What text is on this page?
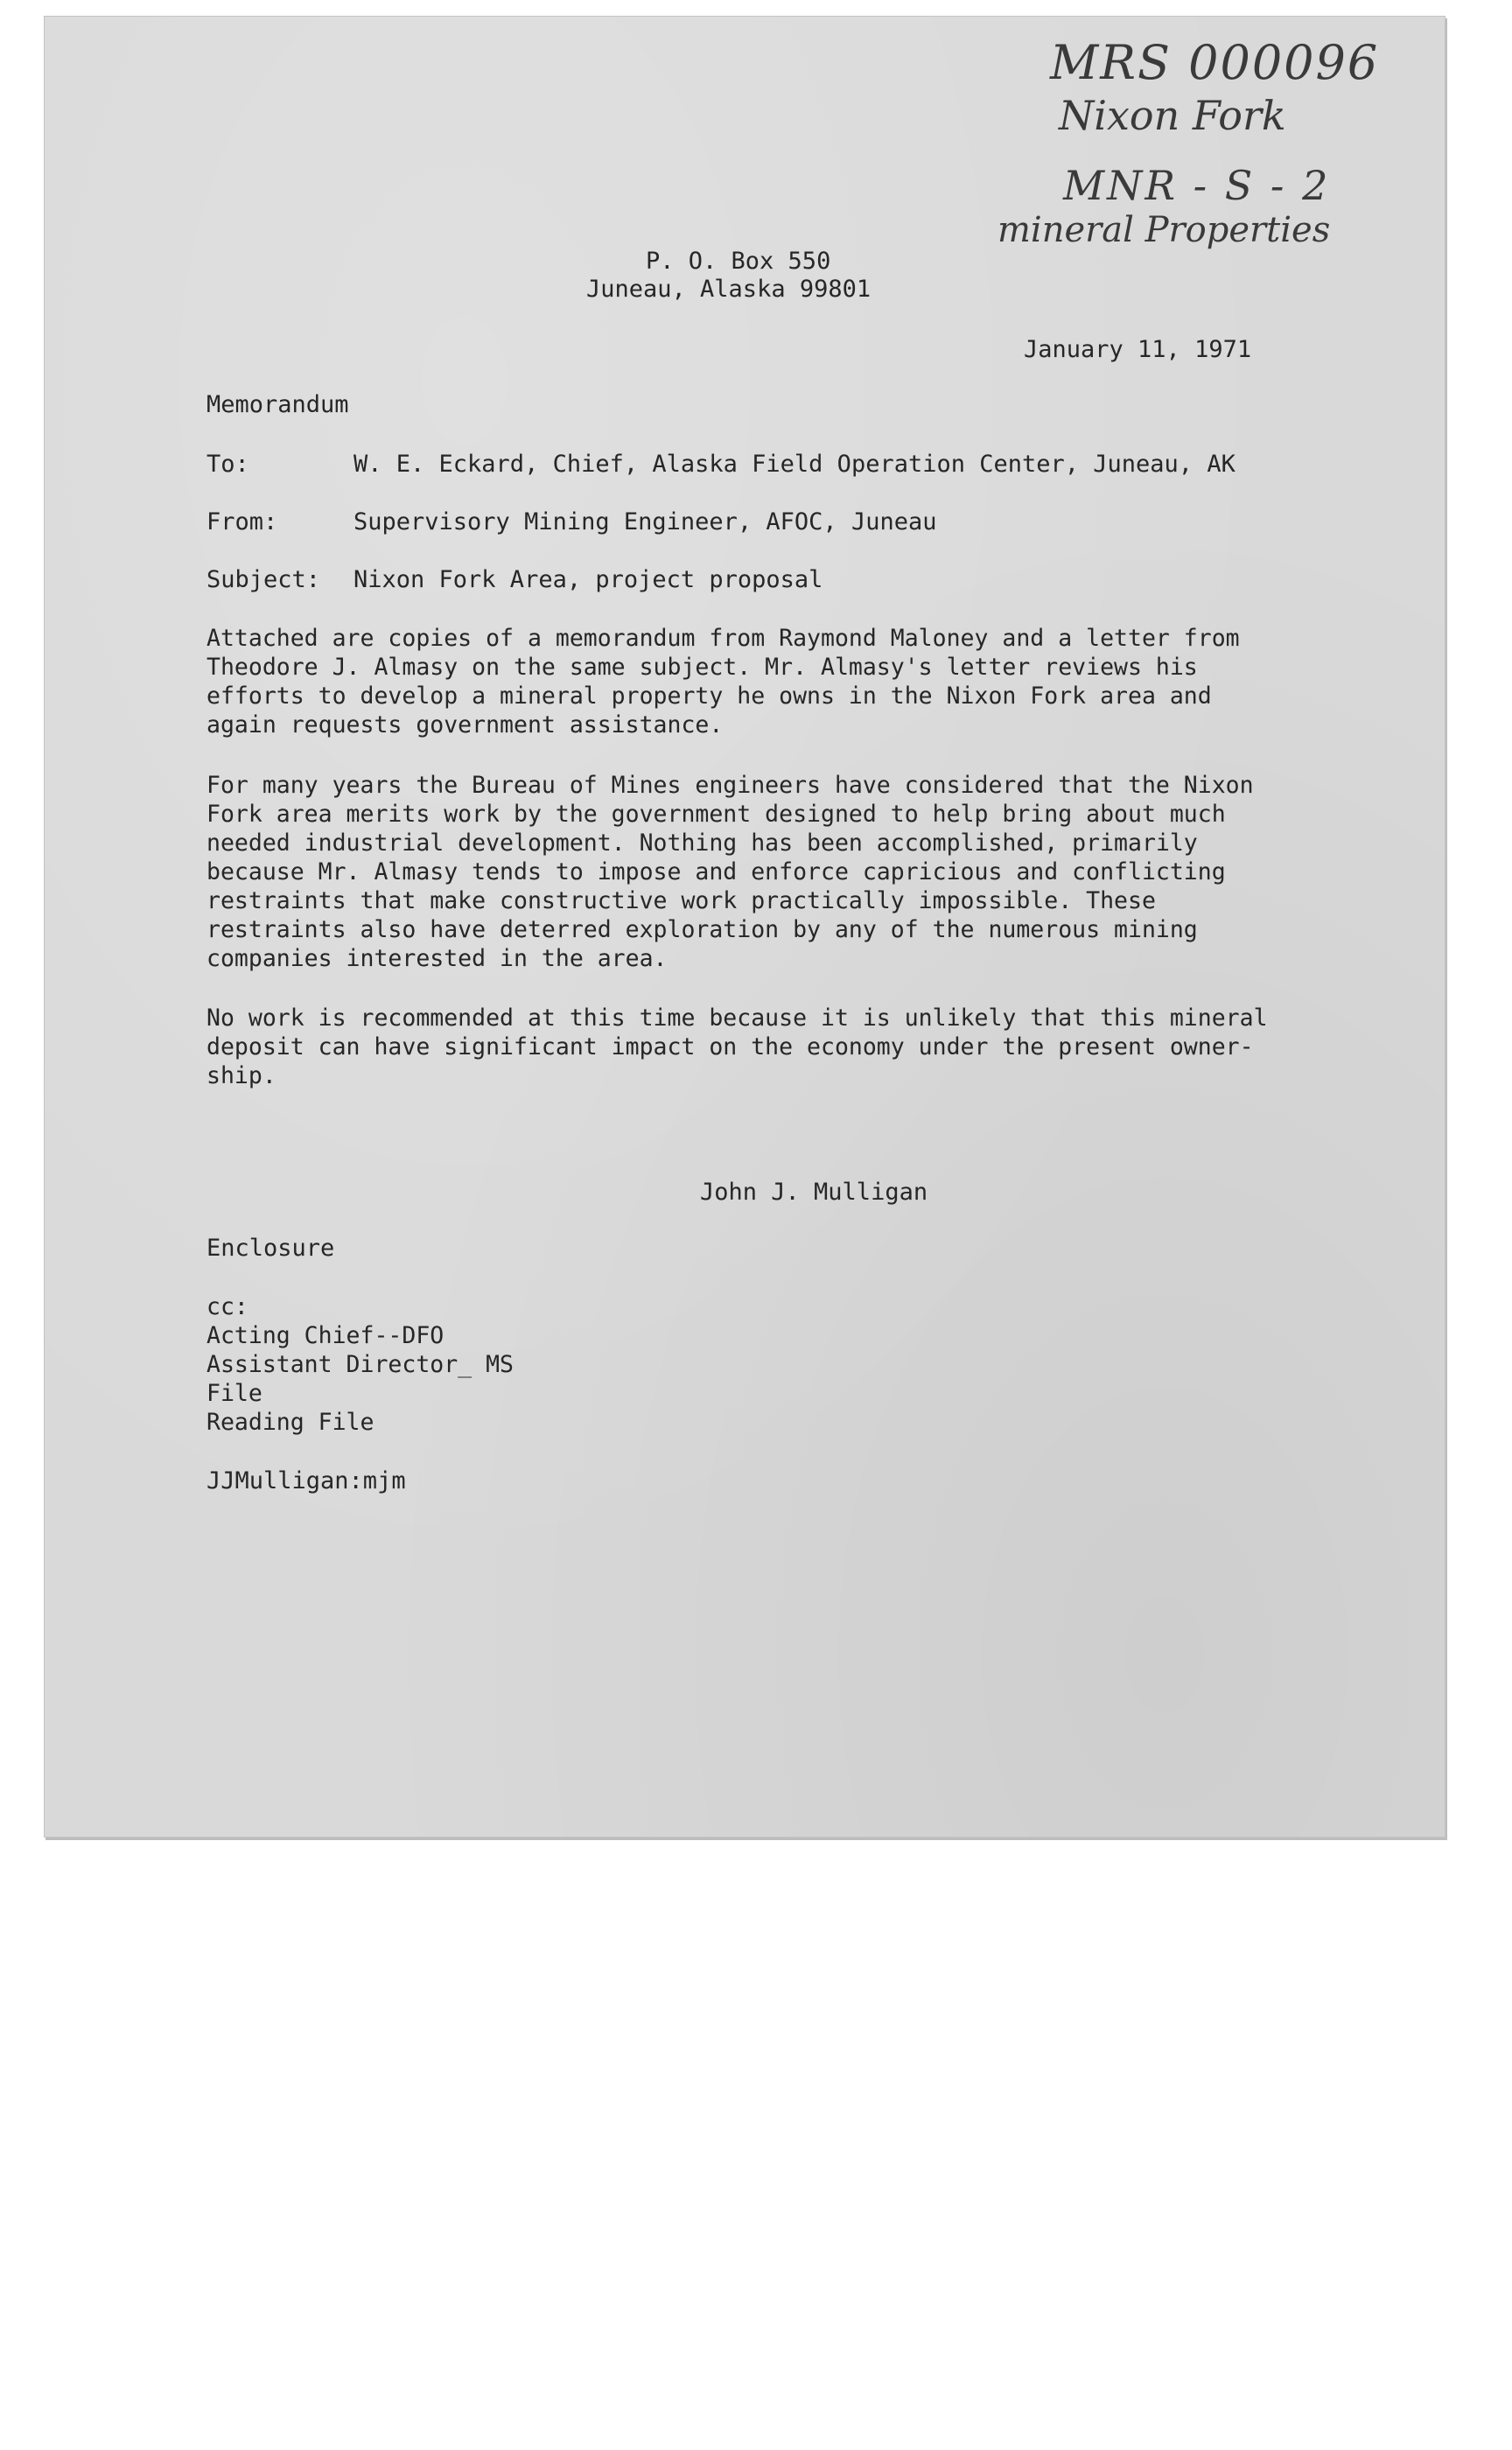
MRS 000096
Nixon Fork
MNR - S - 2
mineral Properties
P. O. Box 550
Juneau, Alaska 99801
January 11, 1971
Memorandum
To:	W. E. Eckard, Chief, Alaska Field Operation Center, Juneau, AK
From:	Supervisory Mining Engineer, AFOC, Juneau
Subject: Nixon Fork Area, project proposal
Attached are copies of a memorandum from Raymond Maloney and a letter from
Theodore J. Almasy on the same subject. Mr. Almasy's letter reviews his
efforts to develop a mineral property he owns in the Nixon Fork area and
again requests government assistance.
For many years the Bureau of Mines engineers have considered that the Nixon
Fork area merits work by the government designed to help bring about much
needed industrial development. Nothing has been accomplished, primarily
because Mr. Almasy tends to impose and enforce capricious and conflicting
restraints that make constructive work practically impossible. These
restraints also have deterred exploration by any of the numerous mining
companies interested in the area.
No work is recommended at this time because it is unlikely that this mineral
deposit can have significant impact on the economy under the present owner-
ship.
John J. Mulligan
Enclosure
cc:
Acting Chief--DFO
Assistant Director_ MS
File
Reading File
JJMulligan:mjm
